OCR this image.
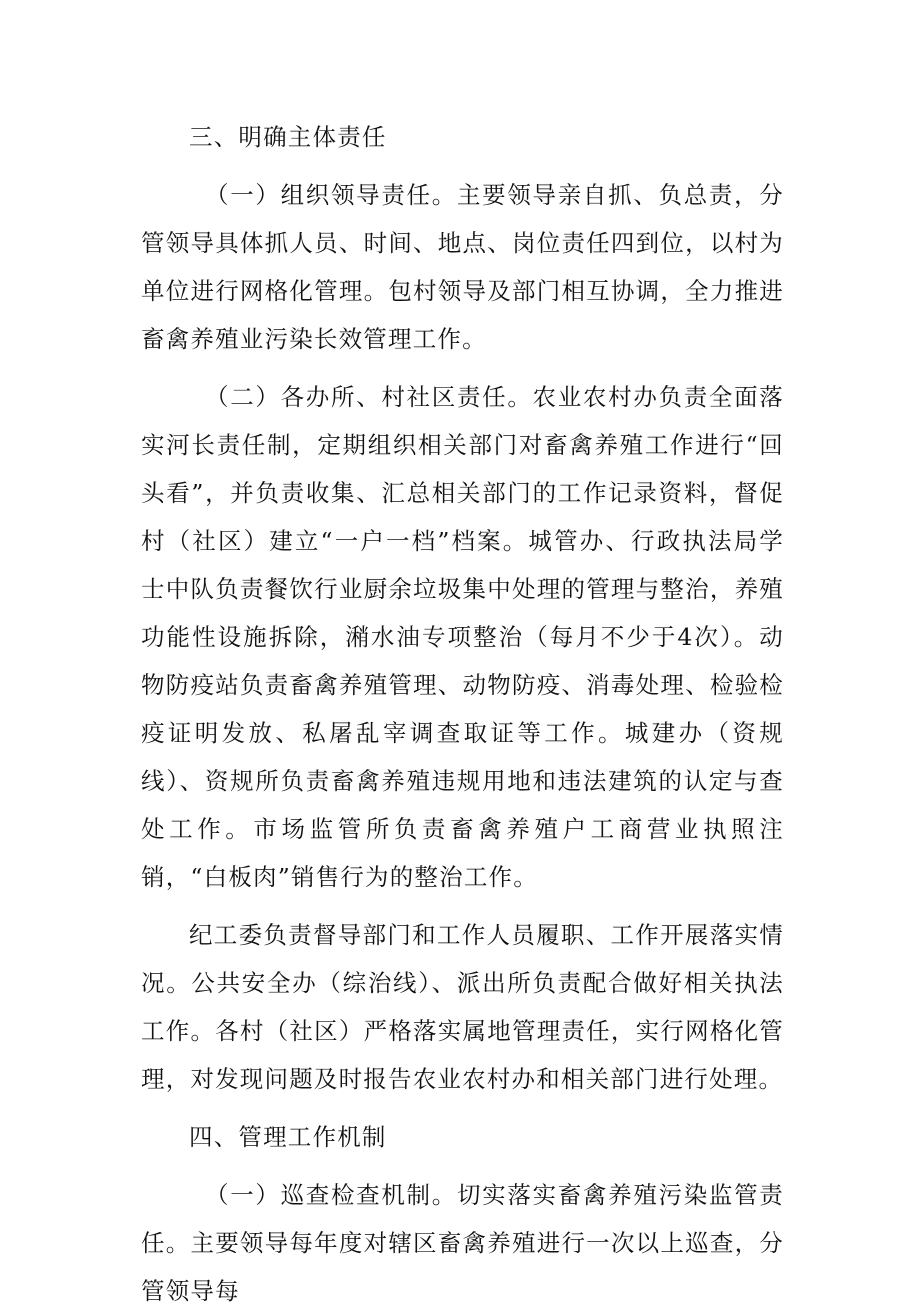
三、明确主体责任

（一）组织领导责任。主要领导亲自抓、负总责，分管领导具体抓人员、时间、地点、岗位责任四到位，以村为单位进行网格化管理。包村领导及部门相互协调，全力推进畜禽养殖业污染长效管理工作。

（二）各办所、村社区责任。农业农村办负责全面落实河长责任制，定期组织相关部门对畜禽养殖工作进行“回头看”，并负责收集、汇总相关部门的工作记录资料，督促村（社区）建立“一户一档”档案。城管办、行政执法局学士中队负责餐饮行业厨余垃圾集中处理的管理与整治，养殖功能性设施拆除，潲水油专项整治（每月不少于4次）。动物防疫站负责畜禽养殖管理、动物防疫、消毒处理、检验检疫证明发放、私屠乱宰调查取证等工作。城建办（资规线）、资规所负责畜禽养殖违规用地和违法建筑的认定与查处工作。市场监管所负责畜禽养殖户工商营业执照注销，“白板肉”销售行为的整治工作。

纪工委负责督导部门和工作人员履职、工作开展落实情况。公共安全办（综治线）、派出所负责配合做好相关执法工作。各村（社区）严格落实属地管理责任，实行网格化管理，对发现问题及时报告农业农村办和相关部门进行处理。

四、管理工作机制

（一）巡查检查机制。切实落实畜禽养殖污染监管责任。主要领导每年度对辖区畜禽养殖进行一次以上巡查，分管领导每
